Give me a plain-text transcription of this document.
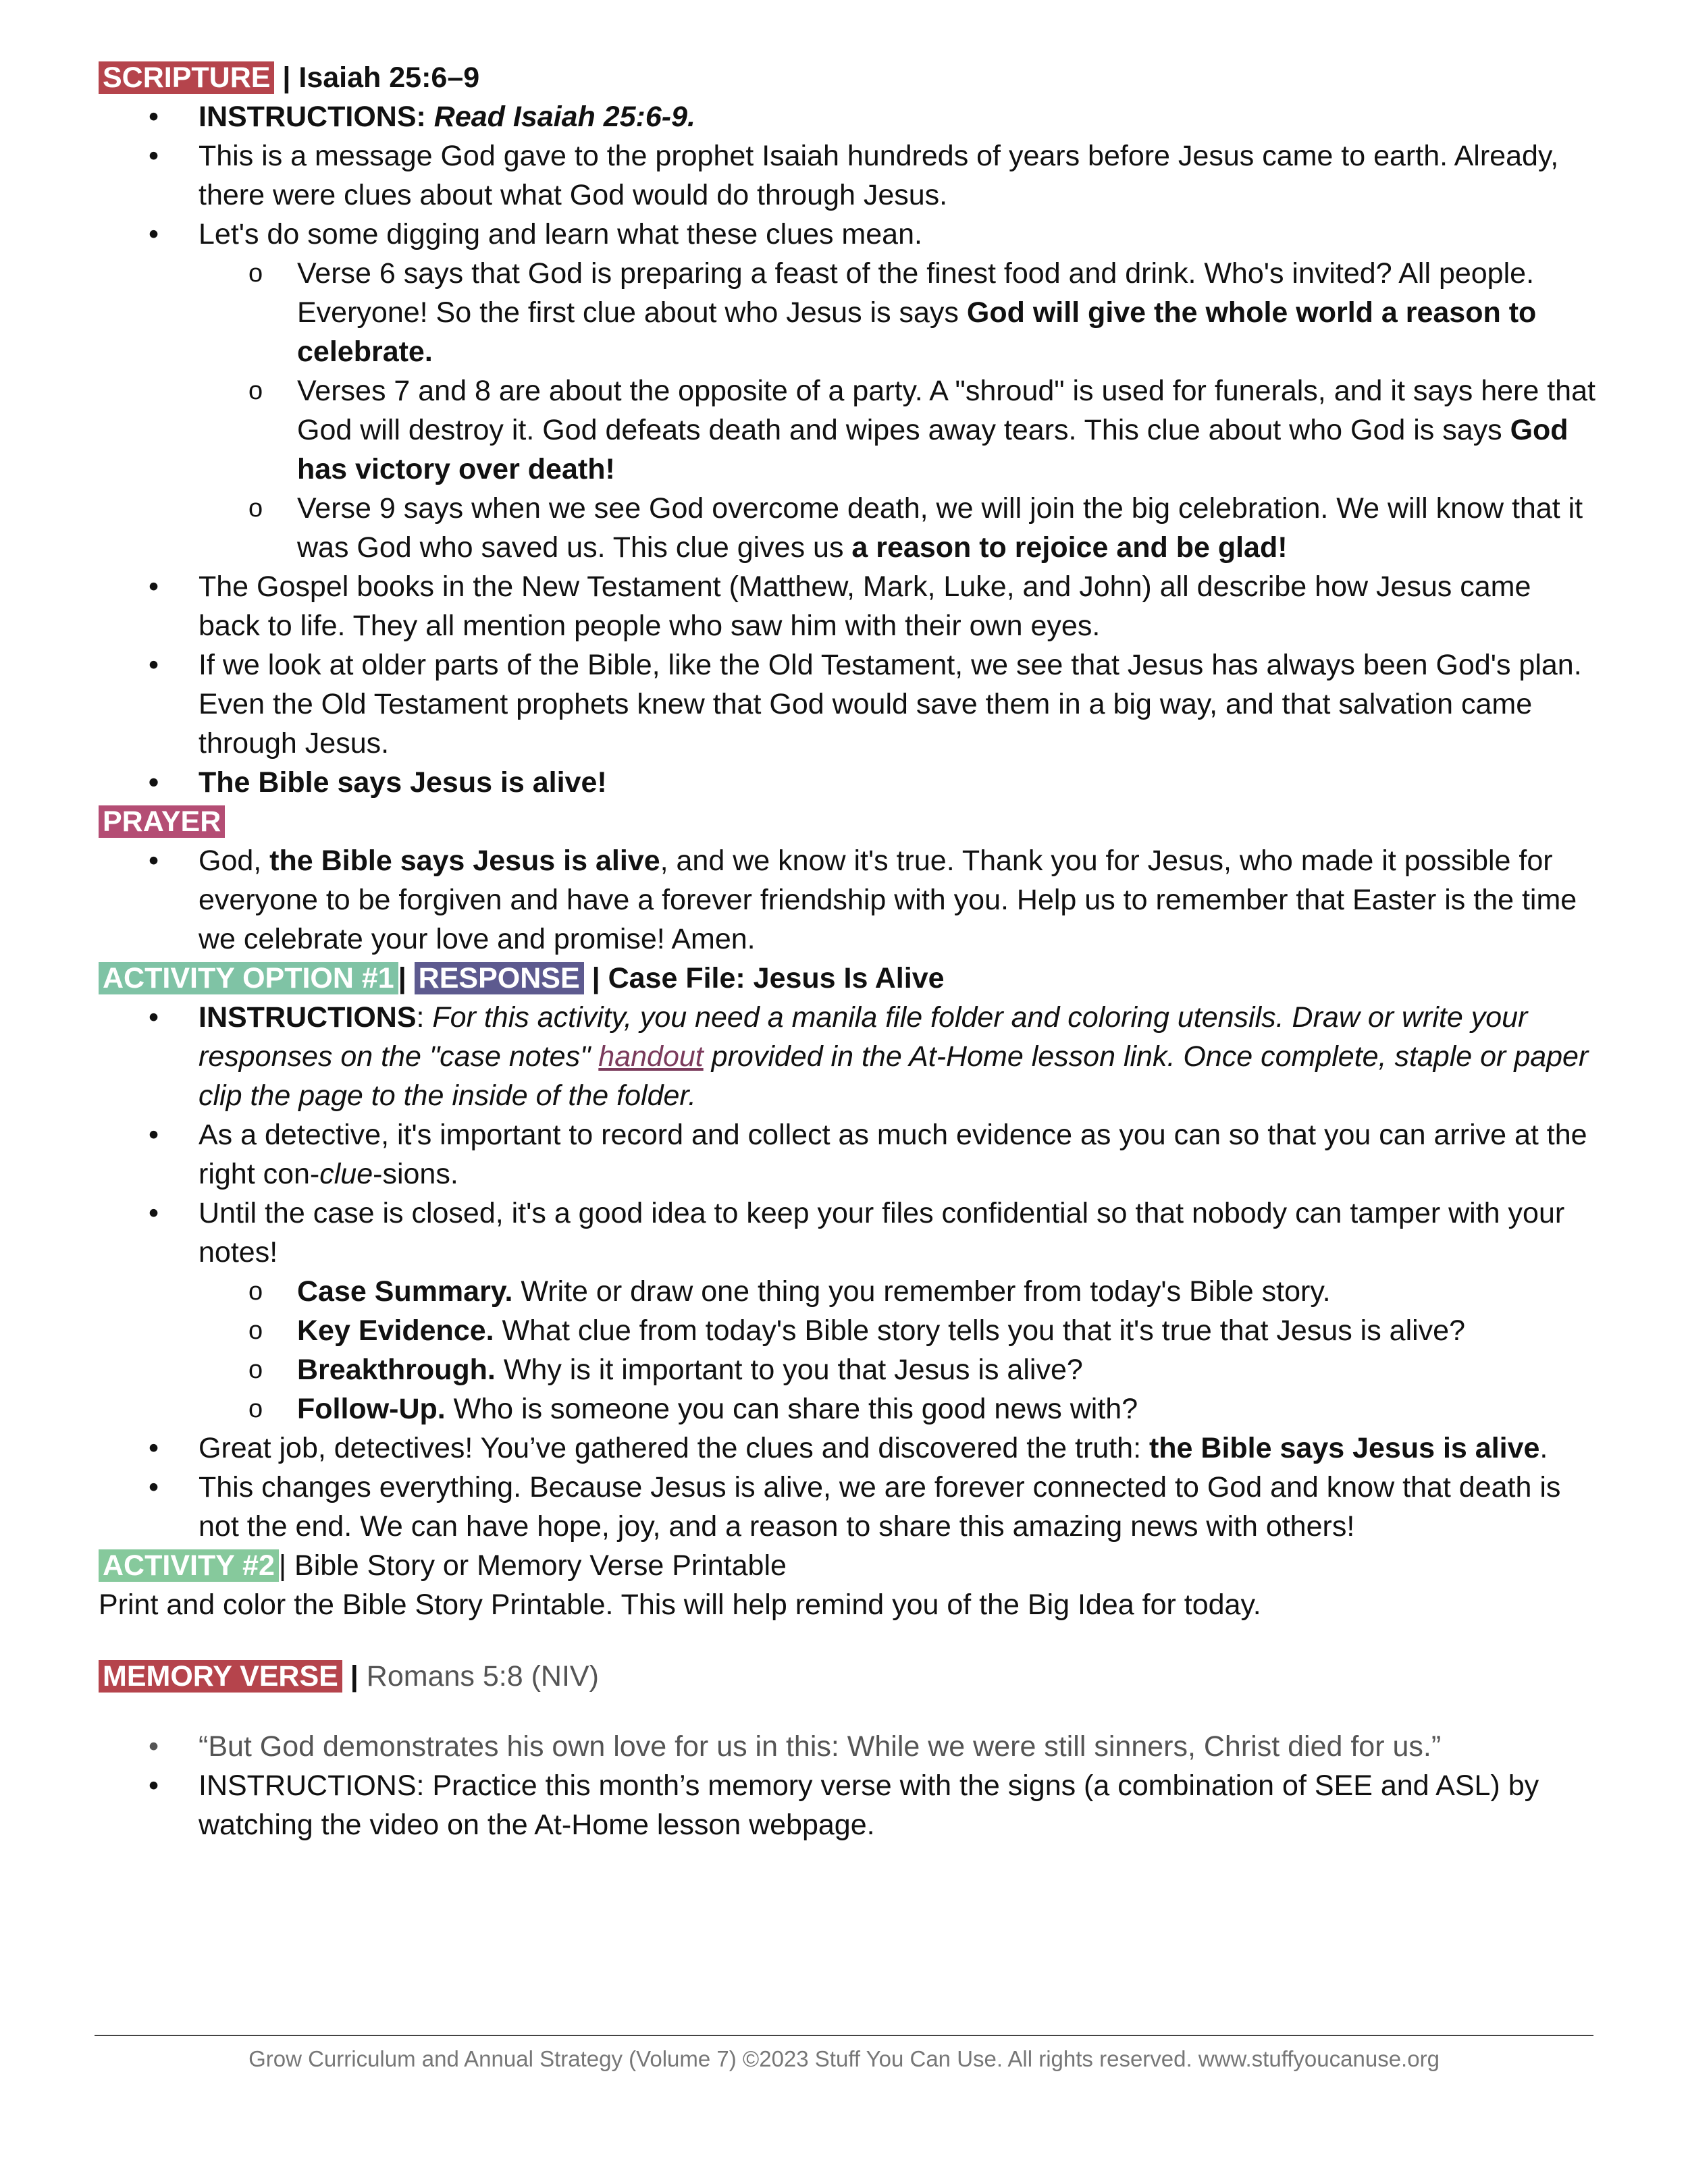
SCRIPTURE | Isaiah 25:6–9
• INSTRUCTIONS: Read Isaiah 25:6-9.
• This is a message God gave to the prophet Isaiah hundreds of years before Jesus came to earth. Already, there were clues about what God would do through Jesus.
• Let's do some digging and learn what these clues mean.
o Verse 6 says that God is preparing a feast of the finest food and drink. Who's invited? All people. Everyone! So the first clue about who Jesus is says God will give the whole world a reason to celebrate.
o Verses 7 and 8 are about the opposite of a party. A "shroud" is used for funerals, and it says here that God will destroy it. God defeats death and wipes away tears. This clue about who God is says God has victory over death!
o Verse 9 says when we see God overcome death, we will join the big celebration. We will know that it was God who saved us. This clue gives us a reason to rejoice and be glad!
• The Gospel books in the New Testament (Matthew, Mark, Luke, and John) all describe how Jesus came back to life. They all mention people who saw him with their own eyes.
• If we look at older parts of the Bible, like the Old Testament, we see that Jesus has always been God's plan. Even the Old Testament prophets knew that God would save them in a big way, and that salvation came through Jesus.
• The Bible says Jesus is alive!
PRAYER
• God, the Bible says Jesus is alive, and we know it's true. Thank you for Jesus, who made it possible for everyone to be forgiven and have a forever friendship with you. Help us to remember that Easter is the time we celebrate your love and promise! Amen.
ACTIVITY OPTION #1 | RESPONSE | Case File: Jesus Is Alive
• INSTRUCTIONS: For this activity, you need a manila file folder and coloring utensils. Draw or write your responses on the "case notes" handout provided in the At-Home lesson link. Once complete, staple or paper clip the page to the inside of the folder.
• As a detective, it's important to record and collect as much evidence as you can so that you can arrive at the right con-clue-sions.
• Until the case is closed, it's a good idea to keep your files confidential so that nobody can tamper with your notes!
o Case Summary. Write or draw one thing you remember from today's Bible story.
o Key Evidence. What clue from today's Bible story tells you that it's true that Jesus is alive?
o Breakthrough. Why is it important to you that Jesus is alive?
o Follow-Up. Who is someone you can share this good news with?
• Great job, detectives! You’ve gathered the clues and discovered the truth: the Bible says Jesus is alive.
• This changes everything. Because Jesus is alive, we are forever connected to God and know that death is not the end. We can have hope, joy, and a reason to share this amazing news with others!
ACTIVITY #2 | Bible Story or Memory Verse Printable
Print and color the Bible Story Printable. This will help remind you of the Big Idea for today.
MEMORY VERSE | Romans 5:8 (NIV)
• “But God demonstrates his own love for us in this: While we were still sinners, Christ died for us.”
• INSTRUCTIONS: Practice this month’s memory verse with the signs (a combination of SEE and ASL) by watching the video on the At-Home lesson webpage.
Grow Curriculum and Annual Strategy (Volume 7) ©2023 Stuff You Can Use. All rights reserved. www.stuffyoucanuse.org
